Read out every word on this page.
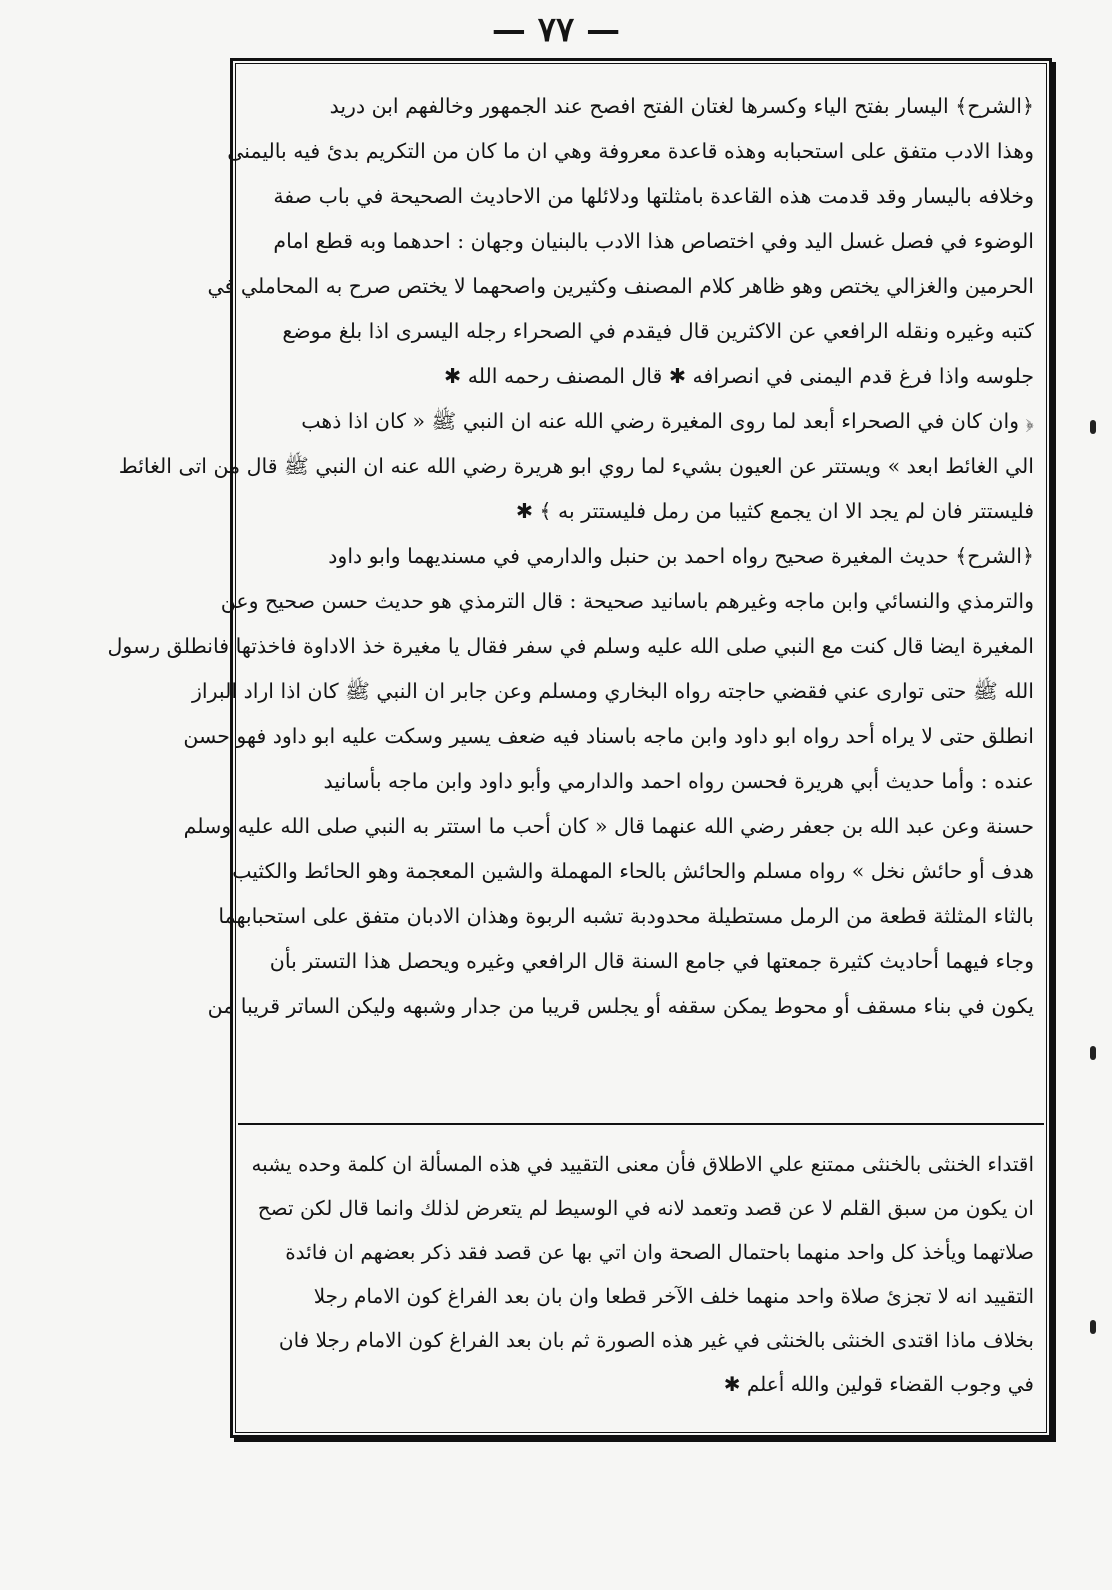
— ٧٧ —
﴿الشرح﴾ اليسار بفتح الياء وكسرها لغتان الفتح افصح عند الجمهور وخالفهم ابن دريد
وهذا الادب متفق على استحبابه وهذه قاعدة معروفة وهي ان ما كان من التكريم بدئ فيه باليمنى
وخلافه باليسار وقد قدمت هذه القاعدة بامثلتها ودلائلها من الاحاديث الصحيحة في باب صفة
الوضوء في فصل غسل اليد وفي اختصاص هذا الادب بالبنيان وجهان : احدهما وبه قطع امام
الحرمين والغزالي يختص وهو ظاهر كلام المصنف وكثيرين واصحهما لا يختص صرح به المحاملي في
كتبه وغيره ونقله الرافعي عن الاكثرين قال فيقدم في الصحراء رجله اليسرى اذا بلغ موضع
جلوسه واذا فرغ قدم اليمنى في انصرافه ✱ قال المصنف رحمه الله ✱
﴿ وان كان في الصحراء أبعد لما روى المغيرة رضي الله عنه ان النبي ﷺ « كان اذا ذهب
الي الغائط ابعد » ويستتر عن العيون بشيء لما روي ابو هريرة رضي الله عنه ان النبي ﷺ قال من اتى الغائط
فليستتر فان لم يجد الا ان يجمع كثيبا من رمل فليستتر به ﴾ ✱
﴿الشرح﴾ حديث المغيرة صحيح رواه احمد بن حنبل والدارمي في مسنديهما وابو داود
والترمذي والنسائي وابن ماجه وغيرهم باسانيد صحيحة : قال الترمذي هو حديث حسن صحيح وعن
المغيرة ايضا قال كنت مع النبي صلى الله عليه وسلم في سفر فقال يا مغيرة خذ الاداوة فاخذتها فانطلق رسول
الله ﷺ حتى توارى عني فقضي حاجته رواه البخاري ومسلم وعن جابر ان النبي ﷺ كان اذا اراد البراز
انطلق حتى لا يراه أحد رواه ابو داود وابن ماجه باسناد فيه ضعف يسير وسكت عليه ابو داود فهو حسن
عنده : وأما حديث أبي هريرة فحسن رواه احمد والدارمي وأبو داود وابن ماجه بأسانيد
حسنة وعن عبد الله بن جعفر رضي الله عنهما قال « كان أحب ما استتر به النبي صلى الله عليه وسلم
هدف أو حائش نخل » رواه مسلم والحائش بالحاء المهملة والشين المعجمة وهو الحائط والكثيب
بالثاء المثلثة قطعة من الرمل مستطيلة محدودبة تشبه الربوة وهذان الادبان متفق على استحبابهما
وجاء فيهما أحاديث كثيرة جمعتها في جامع السنة قال الرافعي وغيره ويحصل هذا التستر بأن
يكون في بناء مسقف أو محوط يمكن سقفه أو يجلس قريبا من جدار وشبهه وليكن الساتر قريبا من
اقتداء الخنثى بالخنثى ممتنع علي الاطلاق فأن معنى التقييد في هذه المسألة ان كلمة وحده يشبه
ان يكون من سبق القلم لا عن قصد وتعمد لانه في الوسيط لم يتعرض لذلك وانما قال لكن تصح
صلاتهما ويأخذ كل واحد منهما باحتمال الصحة وان اتي بها عن قصد فقد ذكر بعضهم ان فائدة
التقييد انه لا تجزئ صلاة واحد منهما خلف الآخر قطعا وان بان بعد الفراغ كون الامام رجلا
بخلاف ماذا اقتدى الخنثى بالخنثى في غير هذه الصورة ثم بان بعد الفراغ كون الامام رجلا فان
في وجوب القضاء قولين والله أعلم ✱
